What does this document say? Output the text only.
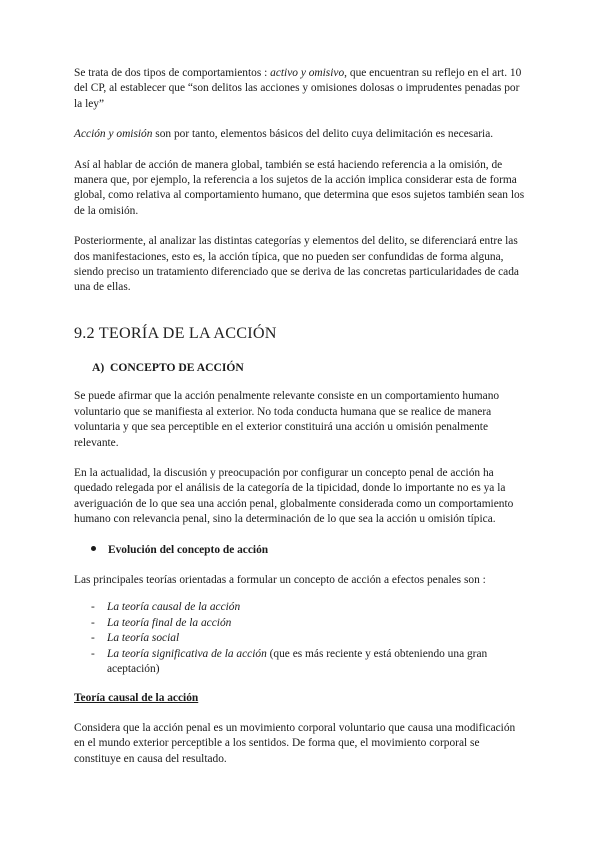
Se trata de dos tipos de comportamientos : activo y omisivo, que encuentran su reflejo en el art. 10 del CP, al establecer que “son delitos las acciones y omisiones dolosas o imprudentes penadas por la ley”

Acción y omisión son por tanto, elementos básicos del delito cuya delimitación es necesaria.

Así al hablar de acción de manera global, también se está haciendo referencia a la omisión, de manera que, por ejemplo, la referencia a los sujetos de la acción implica considerar esta de forma global, como relativa al comportamiento humano, que determina que esos sujetos también sean los de la omisión.

Posteriormente, al analizar las distintas categorías y elementos del delito, se diferenciará entre las dos manifestaciones, esto es, la acción típica, que no pueden ser confundidas de forma alguna, siendo preciso un tratamiento diferenciado que se deriva de las concretas particularidades de cada una de ellas.

9.2 TEORÍA DE LA ACCIÓN
A)  CONCEPTO DE ACCIÓN

Se puede afirmar que la acción penalmente relevante consiste en un comportamiento humano voluntario que se manifiesta al exterior. No toda conducta humana que se realice de manera voluntaria y que sea perceptible en el exterior constituirá una acción u omisión penalmente relevante.

En la actualidad, la discusión y preocupación por configurar un concepto penal de acción ha quedado relegada por el análisis de la categoría de la tipicidad, donde lo importante no es ya la averiguación de lo que sea una acción penal, globalmente considerada como un comportamiento humano con relevancia penal, sino la determinación de lo que sea la acción u omisión típica.

Evolución del concepto de acción

Las principales teorías orientadas a formular un concepto de acción a efectos penales son :

-	La teoría causal de la acción
-	La teoría final de la acción
-	La teoría social
-	La teoría significativa de la acción (que es más reciente y está obteniendo una gran aceptación)
Teoría causal de la acción

Considera que la acción penal es un movimiento corporal voluntario que causa una modificación en el mundo exterior perceptible a los sentidos. De forma que, el movimiento corporal se constituye en causa del resultado.
